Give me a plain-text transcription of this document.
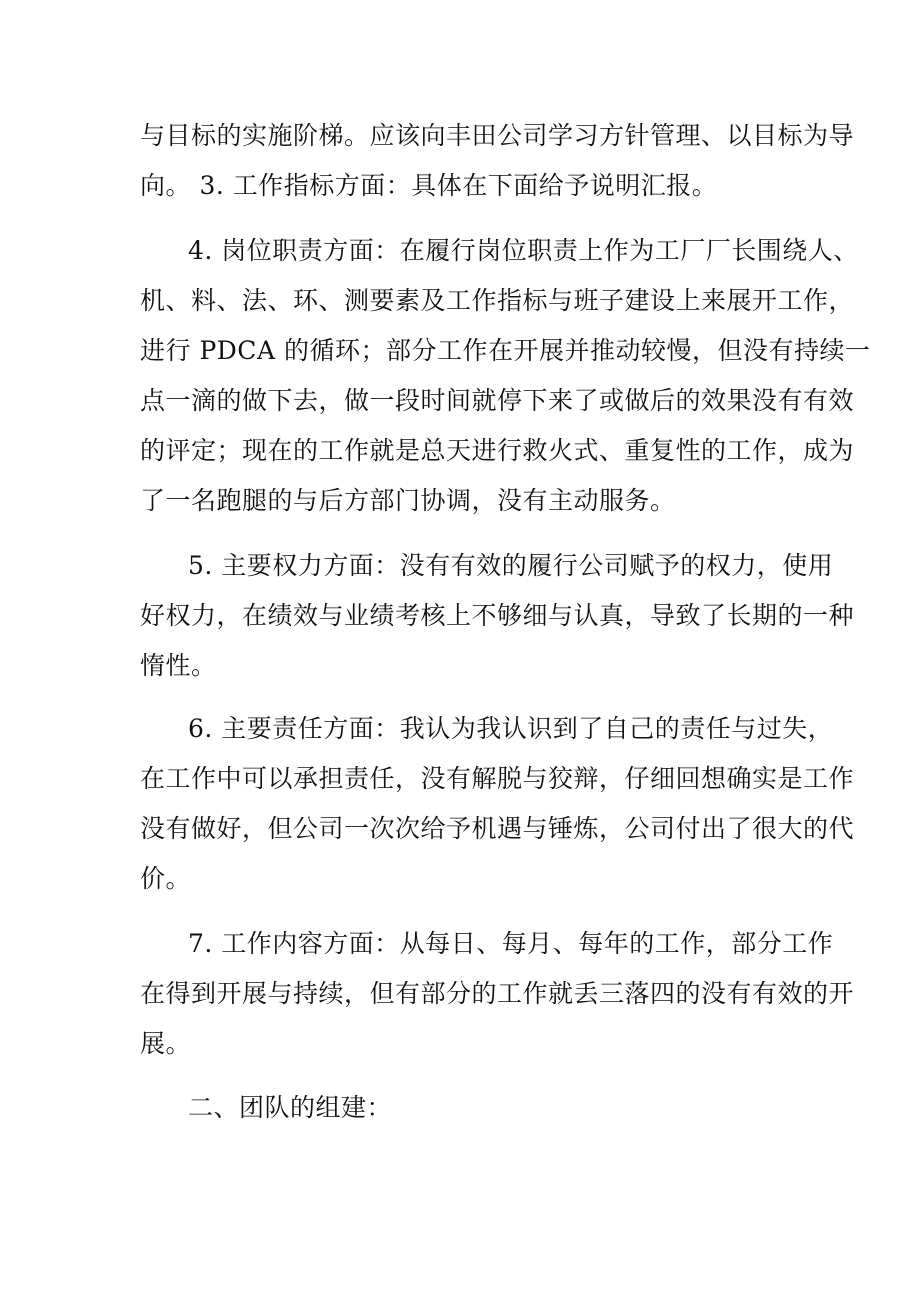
与目标的实施阶梯。应该向丰田公司学习方针管理、以目标为导
向。 3. 工作指标方面：具体在下面给予说明汇报。
4. 岗位职责方面：在履行岗位职责上作为工厂厂长围绕人、
机、料、法、环、测要素及工作指标与班子建设上来展开工作，
进行 PDCA 的循环；部分工作在开展并推动较慢，但没有持续一
点一滴的做下去，做一段时间就停下来了或做后的效果没有有效
的评定；现在的工作就是总天进行救火式、重复性的工作，成为
了一名跑腿的与后方部门协调，没有主动服务。
5. 主要权力方面：没有有效的履行公司赋予的权力，使用
好权力，在绩效与业绩考核上不够细与认真，导致了长期的一种
惰性。
6. 主要责任方面：我认为我认识到了自己的责任与过失，
在工作中可以承担责任，没有解脱与狡辩，仔细回想确实是工作
没有做好，但公司一次次给予机遇与锤炼，公司付出了很大的代
价。
7. 工作内容方面：从每日、每月、每年的工作，部分工作
在得到开展与持续，但有部分的工作就丢三落四的没有有效的开
展。
二、团队的组建：
